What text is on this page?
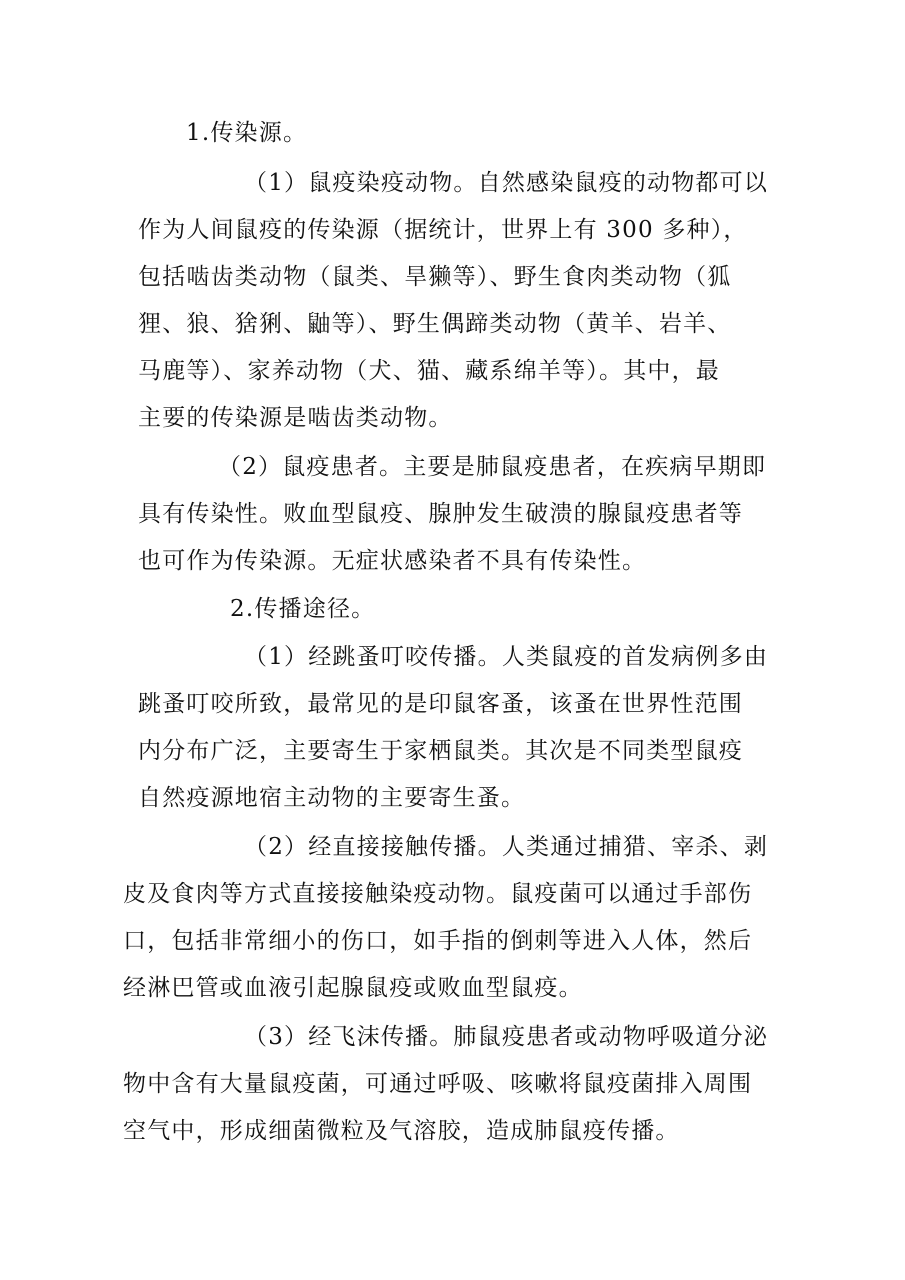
1.传染源。
（1）鼠疫染疫动物。自然感染鼠疫的动物都可以
作为人间鼠疫的传染源（据统计，世界上有 300 多种），
包括啮齿类动物（鼠类、旱獭等）、野生食肉类动物（狐
狸、狼、猞猁、鼬等）、野生偶蹄类动物（黄羊、岩羊、
马鹿等）、家养动物（犬、猫、藏系绵羊等）。其中，最
主要的传染源是啮齿类动物。
（2）鼠疫患者。主要是肺鼠疫患者，在疾病早期即
具有传染性。败血型鼠疫、腺肿发生破溃的腺鼠疫患者等
也可作为传染源。无症状感染者不具有传染性。
2.传播途径。
（1）经跳蚤叮咬传播。人类鼠疫的首发病例多由
跳蚤叮咬所致，最常见的是印鼠客蚤，该蚤在世界性范围
内分布广泛，主要寄生于家栖鼠类。其次是不同类型鼠疫
自然疫源地宿主动物的主要寄生蚤。
（2）经直接接触传播。人类通过捕猎、宰杀、剥
皮及食肉等方式直接接触染疫动物。鼠疫菌可以通过手部伤
口，包括非常细小的伤口，如手指的倒刺等进入人体，然后
经淋巴管或血液引起腺鼠疫或败血型鼠疫。
（3）经飞沫传播。肺鼠疫患者或动物呼吸道分泌
物中含有大量鼠疫菌，可通过呼吸、咳嗽将鼠疫菌排入周围
空气中，形成细菌微粒及气溶胶，造成肺鼠疫传播。
